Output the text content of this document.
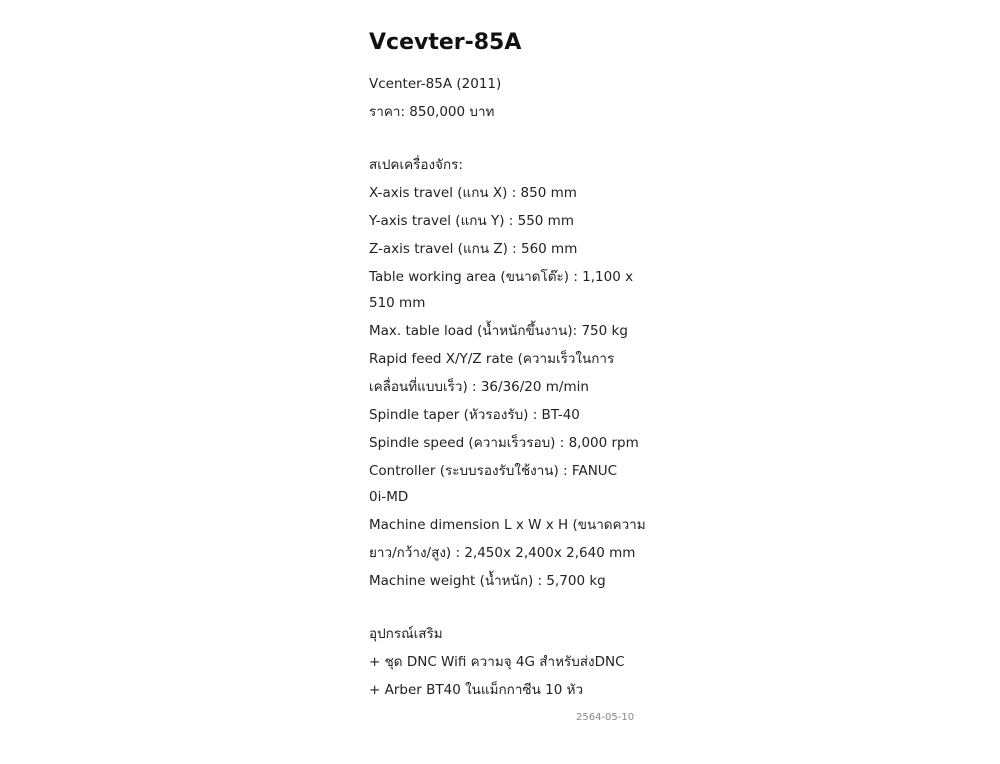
Vcevter-85A
Vcenter-85A (2011)
ราคา: 850,000 บาท
สเปคเครื่องจักร:
X-axis travel (แกน X) : 850 mm
Y-axis travel (แกน Y) : 550 mm
Z-axis travel (แกน Z) : 560 mm
Table working area (ขนาดโต๊ะ) : 1,100 x
510 mm
Max. table load (น้ำหนักขึ้นงาน): 750 kg
Rapid feed X/Y/Z rate (ความเร็วในการ
เคลื่อนที่แบบเร็ว) : 36/36/20 m/min
Spindle taper (หัวรองรับ) : BT-40
Spindle speed (ความเร็วรอบ) : 8,000 rpm
Controller (ระบบรองรับใช้งาน) : FANUC
0i-MD
Machine dimension L x W x H (ขนาดความ
ยาว/กว้าง/สูง) : 2,450x 2,400x 2,640 mm
Machine weight (น้ำหนัก) : 5,700 kg
อุปกรณ์เสริม
+ ชุด DNC Wifi ความจุ 4G สำหรับส่งDNC
+ Arber BT40 ในแม็กกาซีน 10 หัว
2564-05-10
